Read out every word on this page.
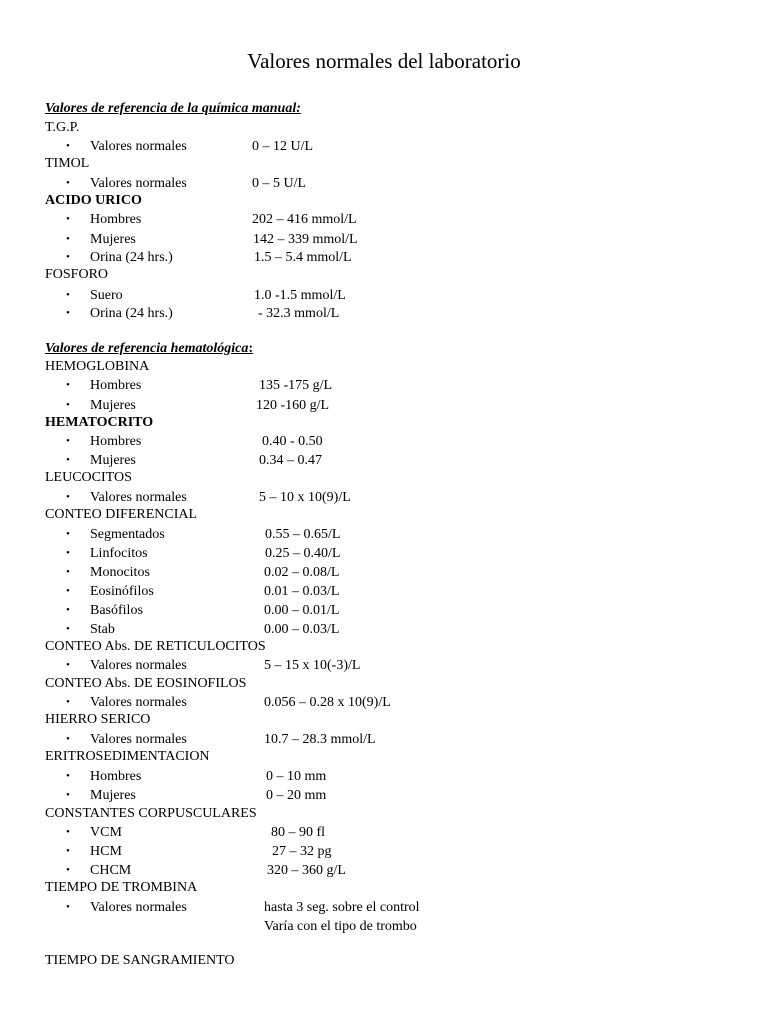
Valores normales del laboratorio
Valores de referencia de la química manual:
T.G.P.
• Valores normales	0 – 12 U/L
TIMOL
• Valores normales	0 – 5 U/L
ACIDO URICO
• Hombres	202 – 416 mmol/L
• Mujeres	142 – 339 mmol/L
• Orina (24 hrs.)	1.5 – 5.4 mmol/L
FOSFORO
• Suero	1.0 -1.5 mmol/L
• Orina (24 hrs.)	- 32.3 mmol/L
Valores de referencia hematológica:
HEMOGLOBINA
• Hombres	135 -175 g/L
• Mujeres	120 -160 g/L
HEMATOCRITO
• Hombres	0.40 - 0.50
• Mujeres	0.34 – 0.47
LEUCOCITOS
• Valores normales	5 – 10 x 10(9)/L
CONTEO DIFERENCIAL
• Segmentados	0.55 – 0.65/L
• Linfocitos	0.25 – 0.40/L
• Monocitos	0.02 – 0.08/L
• Eosinófilos	0.01 – 0.03/L
• Basófilos	0.00 – 0.01/L
• Stab	0.00 – 0.03/L
CONTEO Abs. DE RETICULOCITOS
• Valores normales	5 – 15 x 10(-3)/L
CONTEO Abs. DE EOSINOFILOS
• Valores normales	0.056 – 0.28 x 10(9)/L
HIERRO SERICO
• Valores normales	10.7 – 28.3 mmol/L
ERITROSEDIMENTACION
• Hombres	0 – 10 mm
• Mujeres	0 – 20 mm
CONSTANTES CORPUSCULARES
• VCM	80 – 90 fl
• HCM	27 – 32 pg
• CHCM	320 – 360 g/L
TIEMPO DE TROMBINA
• Valores normales	hasta 3 seg. sobre el control
Varía con el tipo de trombo
TIEMPO DE SANGRAMIENTO
